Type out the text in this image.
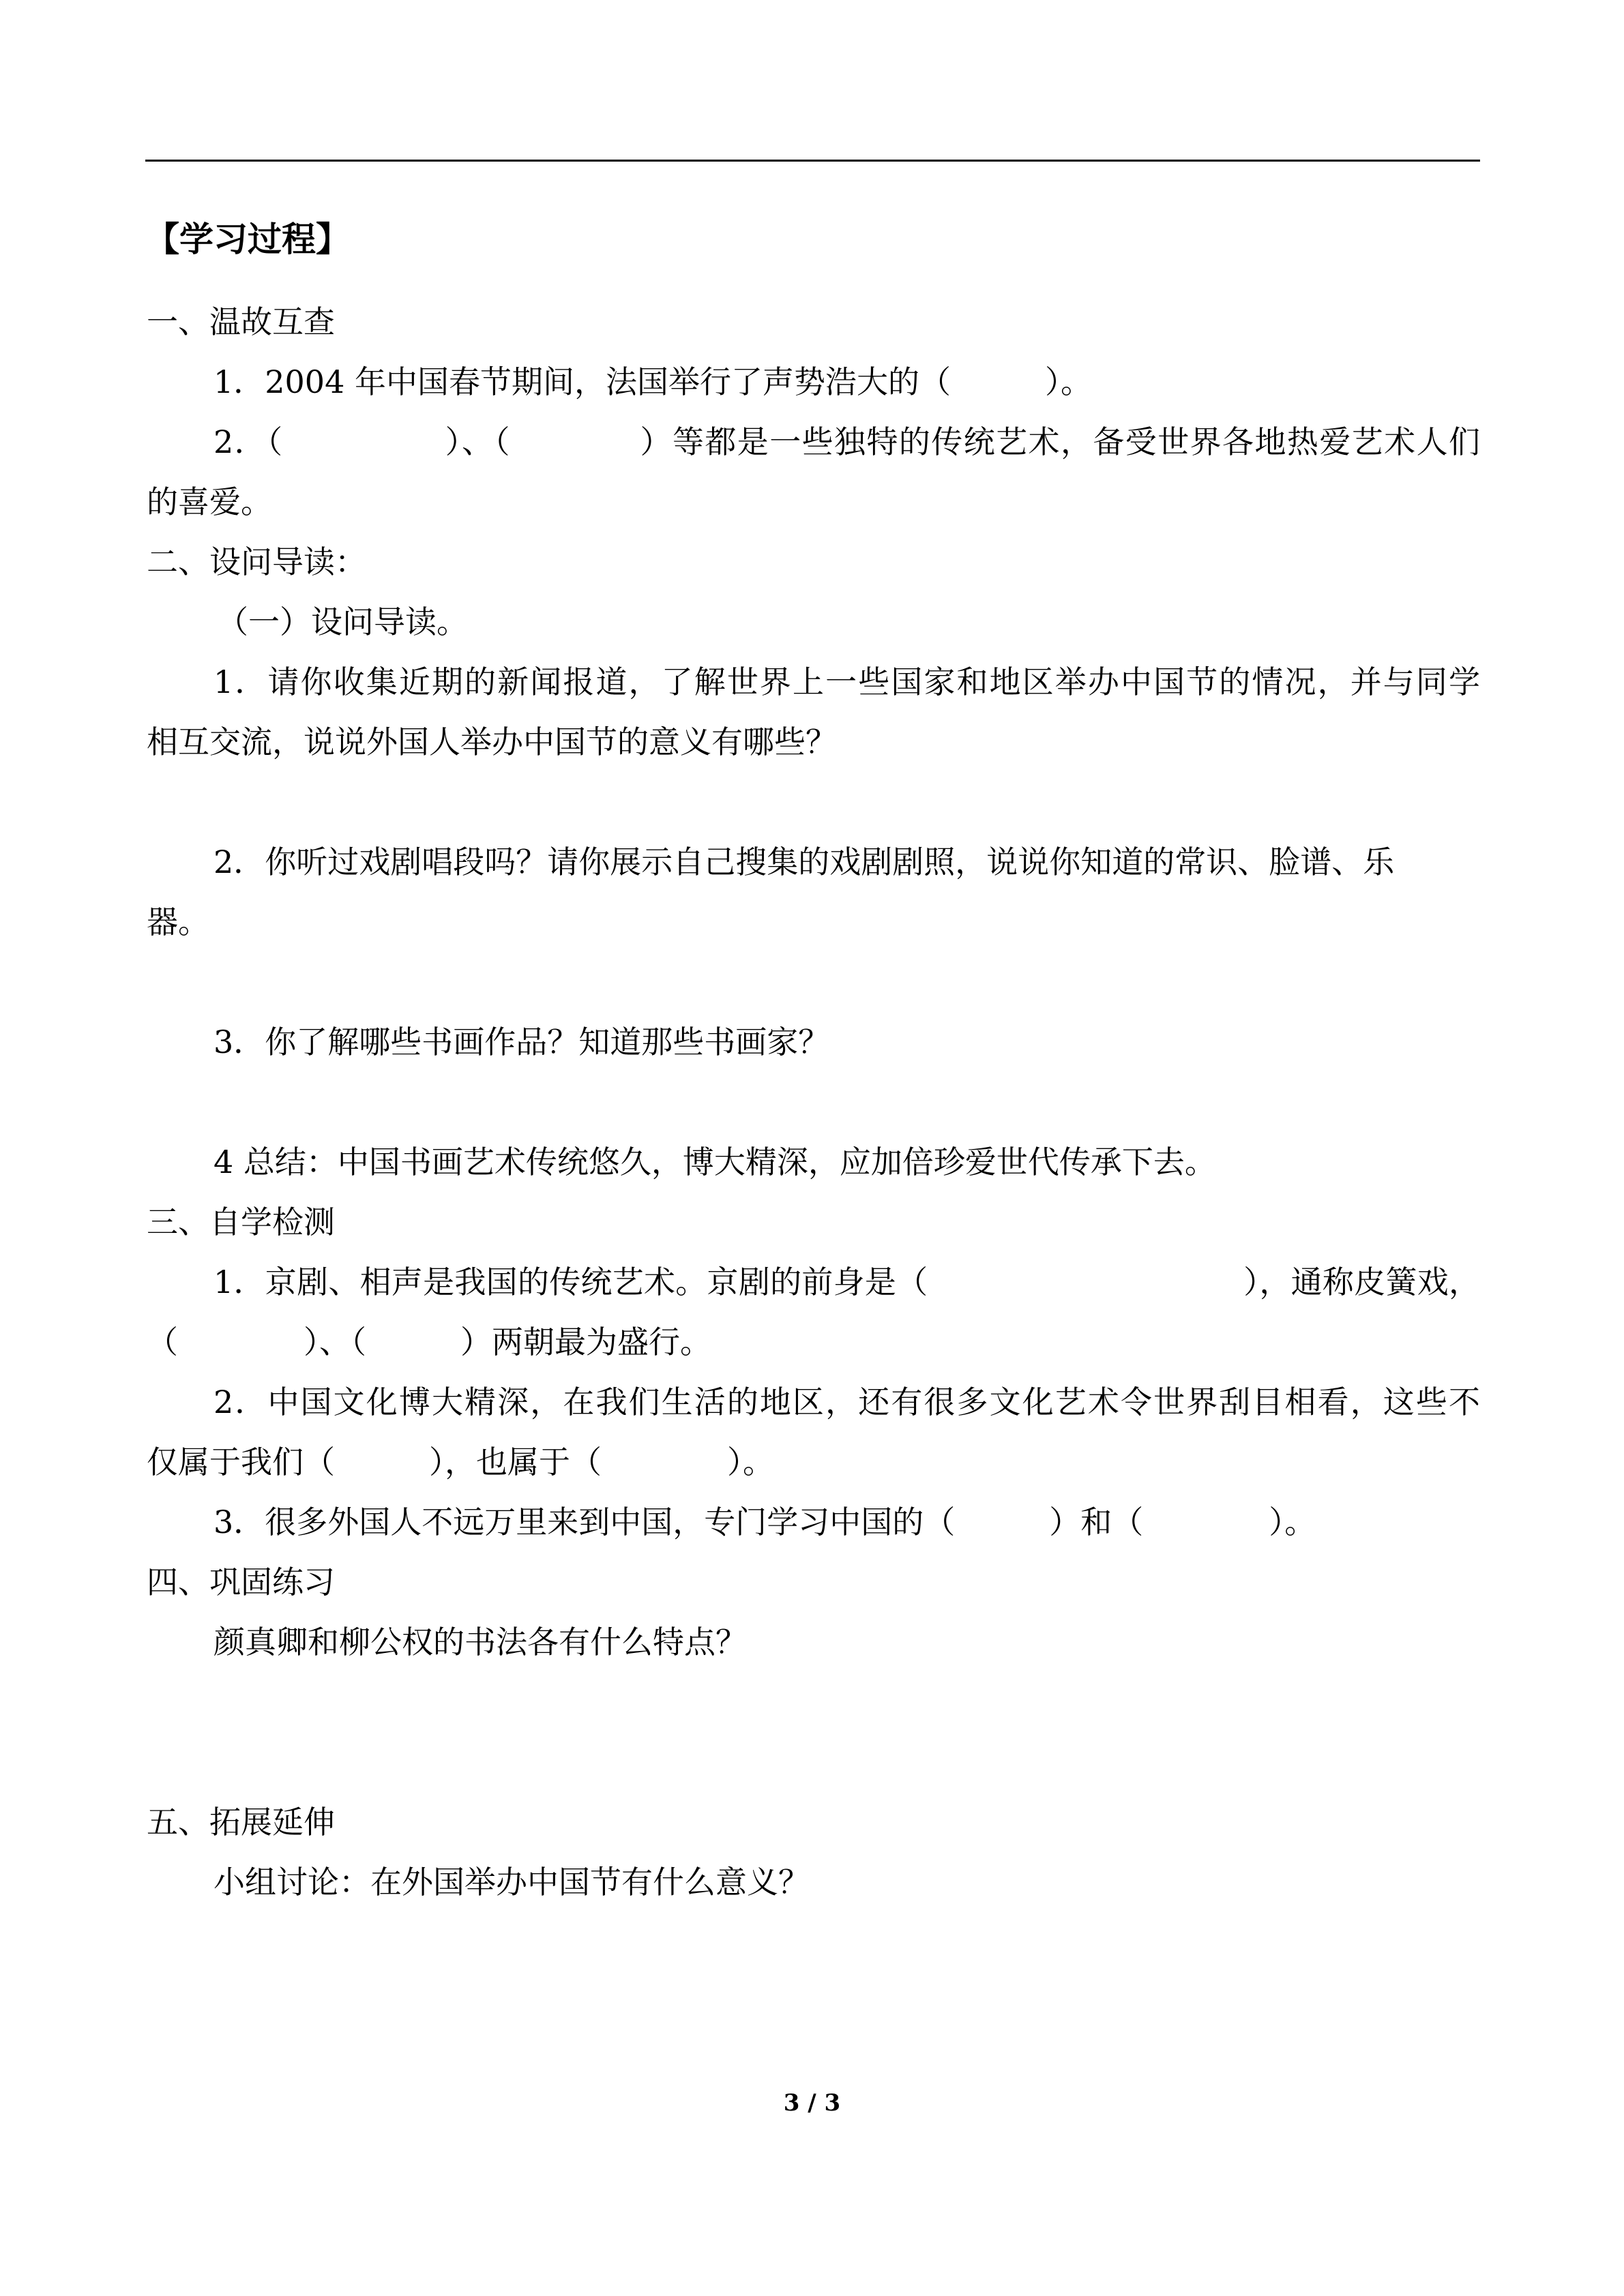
【学习过程】

一、温故互查

1．2004 年中国春节期间，法国举行了声势浩大的（　　　）。

2．（　　　　　）、（　　　　）等都是一些独特的传统艺术，备受世界各地热爱艺术人们

的喜爱。

二、设问导读：

（一）设问导读。

1．请你收集近期的新闻报道，了解世界上一些国家和地区举办中国节的情况，并与同学

相互交流，说说外国人举办中国节的意义有哪些？

2．你听过戏剧唱段吗？请你展示自己搜集的戏剧剧照，说说你知道的常识、脸谱、乐

器。

3．你了解哪些书画作品？知道那些书画家？

4 总结：中国书画艺术传统悠久，博大精深，应加倍珍爱世代传承下去。

三、自学检测

1．京剧、相声是我国的传统艺术。京剧的前身是（　　　　　　　　　　），通称皮簧戏，

（　　　　）、（　　　）两朝最为盛行。

2．中国文化博大精深，在我们生活的地区，还有很多文化艺术令世界刮目相看，这些不

仅属于我们（　　　），也属于（　　　　）。

3．很多外国人不远万里来到中国，专门学习中国的（　　　）和（　　　　）。

四、巩固练习

颜真卿和柳公权的书法各有什么特点？

五、拓展延伸

小组讨论：在外国举办中国节有什么意义？

3 / 3
